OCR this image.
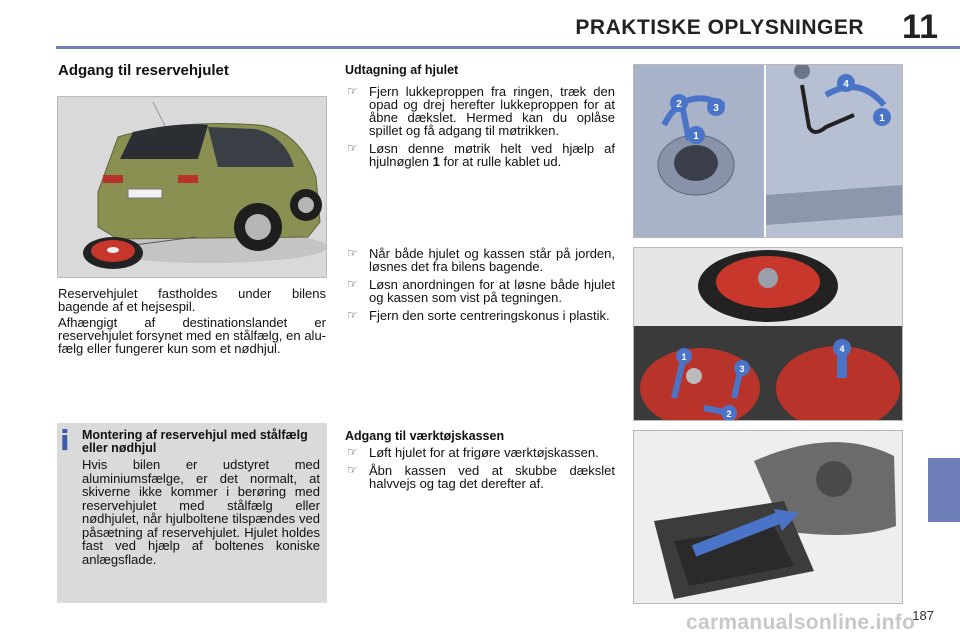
PRAKTISKE OPLYSNINGER 11
Adgang til reservehjulet
Reservehjulet fastholdes under bilens bagende af et hejsespil.
Afhængigt af destinationslandet er reservehjulet forsynet med en stålfælg, en alu-fælg eller fungerer kun som et nødhjul.
i Montering af reservehjul med stålfælg eller nødhjul
Hvis bilen er udstyret med aluminiumsfælge, er det normalt, at skiverne ikke kommer i berøring med reservehjulet med stålfælg eller nødhjulet, når hjulboltene tilspændes ved påsætning af reservehjulet. Hjulet holdes fast ved hjælp af boltenes koniske anlægsflade.
Udtagning af hjulet
☞ Fjern lukkeproppen fra ringen, træk den opad og drej herefter lukkeproppen for at åbne dækslet. Hermed kan du oplåse spillet og få adgang til møtrikken.
☞ Løsn denne møtrik helt ved hjælp af hjulnøglen 1 for at rulle kablet ud.
☞ Når både hjulet og kassen står på jorden, løsnes det fra bilens bagende.
☞ Løsn anordningen for at løsne både hjulet og kassen som vist på tegningen.
☞ Fjern den sorte centreringskonus i plastik.
Adgang til værktøjskassen
☞ Løft hjulet for at frigøre værktøjskassen.
☞ Åbn kassen ved at skubbe dækslet halvvejs og tag det derefter af.
2	3
1
4
1
1
2
3
4
187
carmanualsonline.info
